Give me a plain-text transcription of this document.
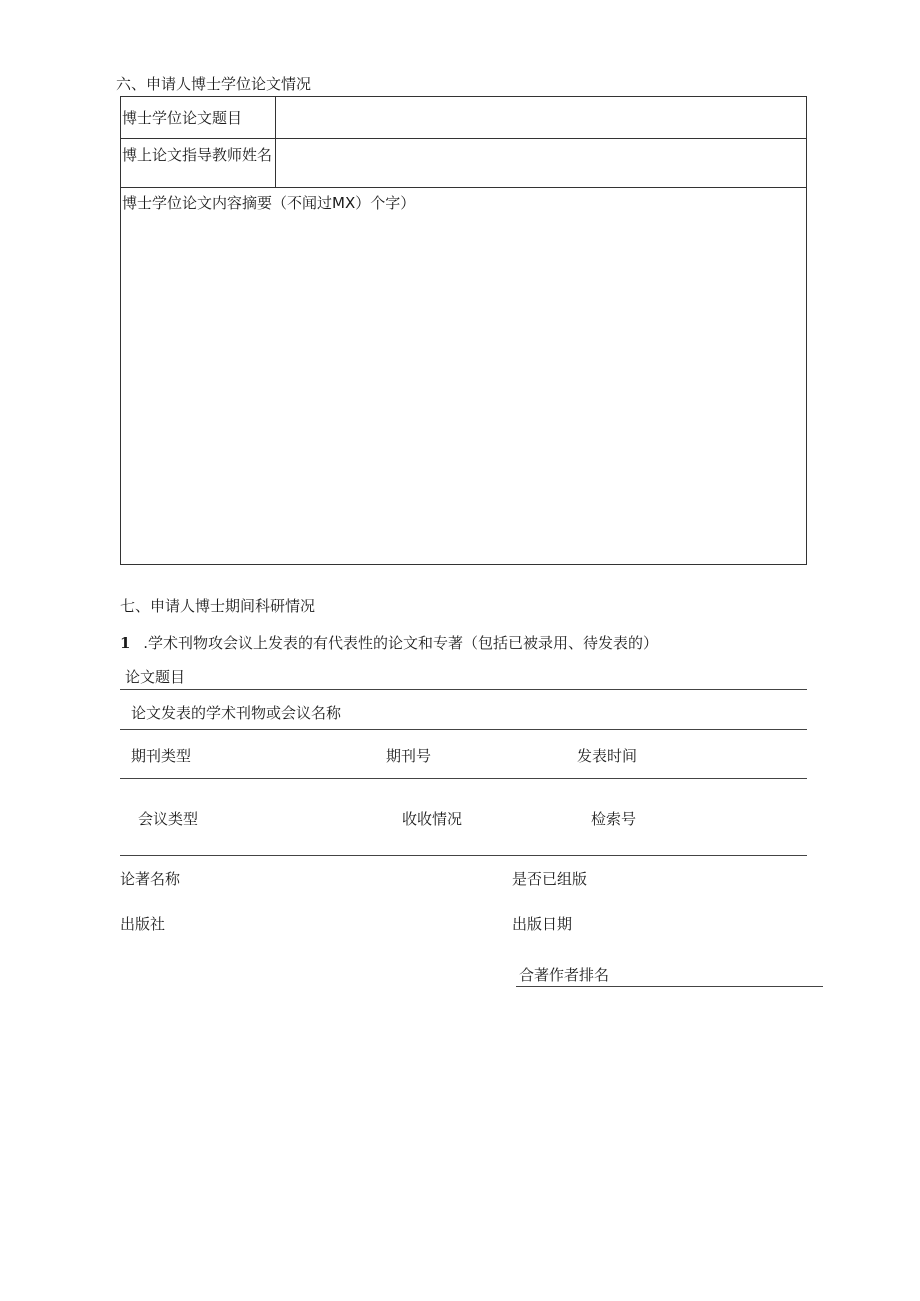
六、申请人博士学位论文情况
博士学位论文题目	

博上论文指导教师姓名	

博士学位论文内容摘要（不闻过MX）个字）	
七、申请人博士期间科研情况
1 .学术刊物攻会议上发表的有代表性的论文和专著（包括已被录用、待发表的）
论文题目
论文发表的学术刊物或会议名称
期刊类型	期刊号	发表时间
会议类型	收收情况	检索号
论著名称	是否已组版
出版社	出版日期
合著作者排名
